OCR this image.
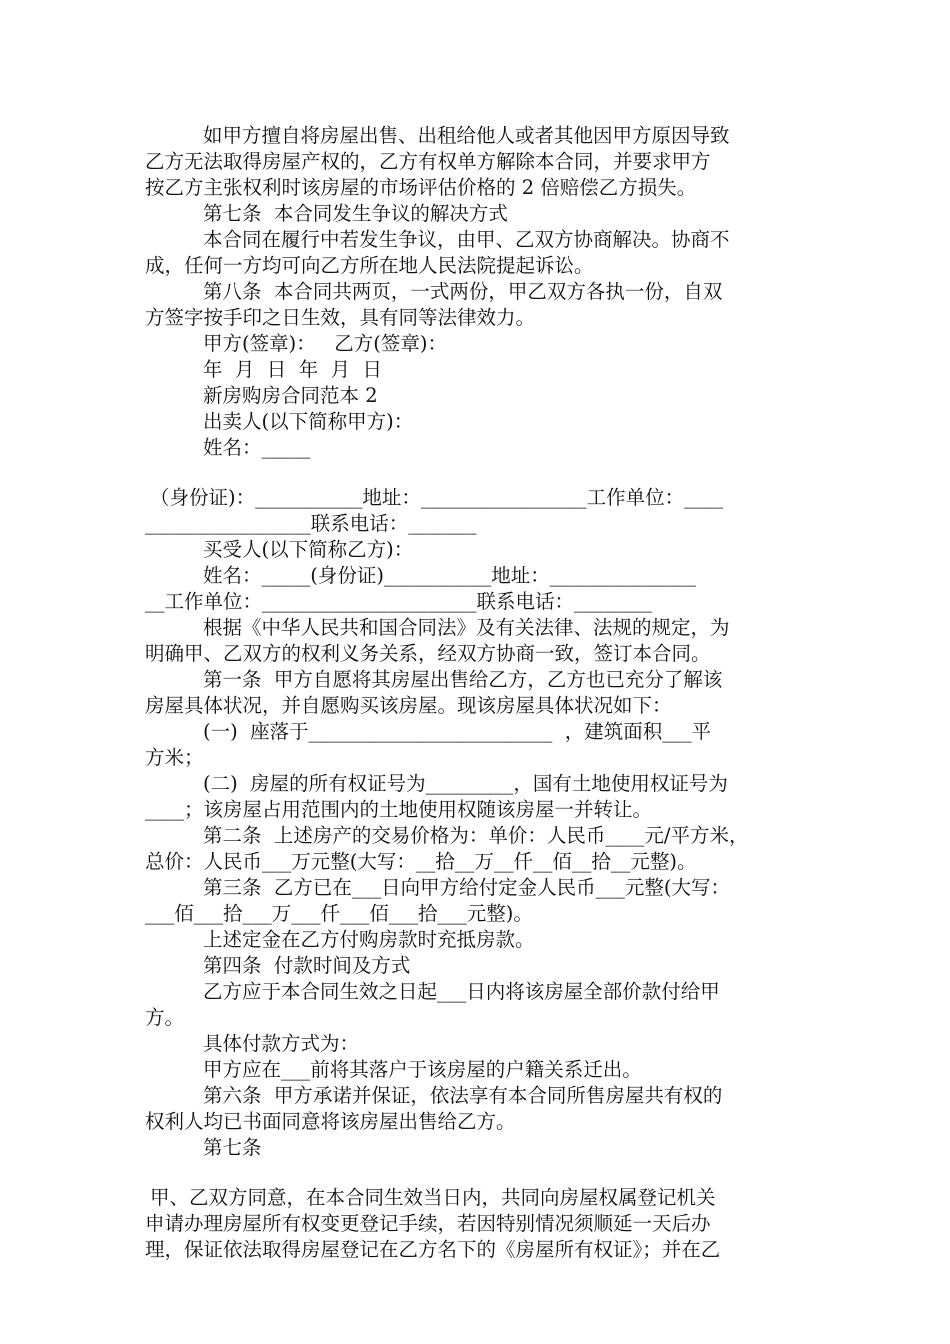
如甲方擅自将房屋出售、出租给他人或者其他因甲方原因导致
乙方无法取得房屋产权的，乙方有权单方解除本合同，并要求甲方
按乙方主张权利时该房屋的市场评估价格的 2 倍赔偿乙方损失。
第七条  本合同发生争议的解决方式
本合同在履行中若发生争议，由甲、乙双方协商解决。协商不
成，任何一方均可向乙方所在地人民法院提起诉讼。
第八条  本合同共两页，一式两份，甲乙双方各执一份，自双
方签字按手印之日生效，具有同等法律效力。
甲方(签章)：   乙方(签章)：
年  月  日  年  月  日
新房购房合同范本 2
出卖人(以下简称甲方)：
姓名：_____
（身份证)：___________地址：_________________工作单位：____
_________________联系电话：_______
买受人(以下简称乙方)：
姓名：_____(身份证)___________地址：_______________
__工作单位：______________________联系电话：________
根据《中华人民共和国合同法》及有关法律、法规的规定，为
明确甲、乙双方的权利义务关系，经双方协商一致，签订本合同。
第一条  甲方自愿将其房屋出售给乙方，乙方也已充分了解该
房屋具体状况，并自愿购买该房屋。现该房屋具体状况如下：
(一)  座落于_________________________  ，建筑面积___平
方米；
(二)  房屋的所有权证号为_________，国有土地使用权证号为
____；该房屋占用范围内的土地使用权随该房屋一并转让。
第二条  上述房产的交易价格为：单价：人民币____元/平方米，
总价：人民币___万元整(大写：__拾__万__仟__佰__拾__元整)。
第三条  乙方已在___日向甲方给付定金人民币___元整(大写：
___佰___拾___万___仟___佰___拾___元整)。
上述定金在乙方付购房款时充抵房款。
第四条  付款时间及方式
乙方应于本合同生效之日起___日内将该房屋全部价款付给甲
方。
具体付款方式为：
甲方应在___前将其落户于该房屋的户籍关系迁出。
第六条  甲方承诺并保证，依法享有本合同所售房屋共有权的
权利人均已书面同意将该房屋出售给乙方。
第七条
甲、乙双方同意，在本合同生效当日内，共同向房屋权属登记机关
申请办理房屋所有权变更登记手续，若因特别情况须顺延一天后办
理，保证依法取得房屋登记在乙方名下的《房屋所有权证》；并在乙
